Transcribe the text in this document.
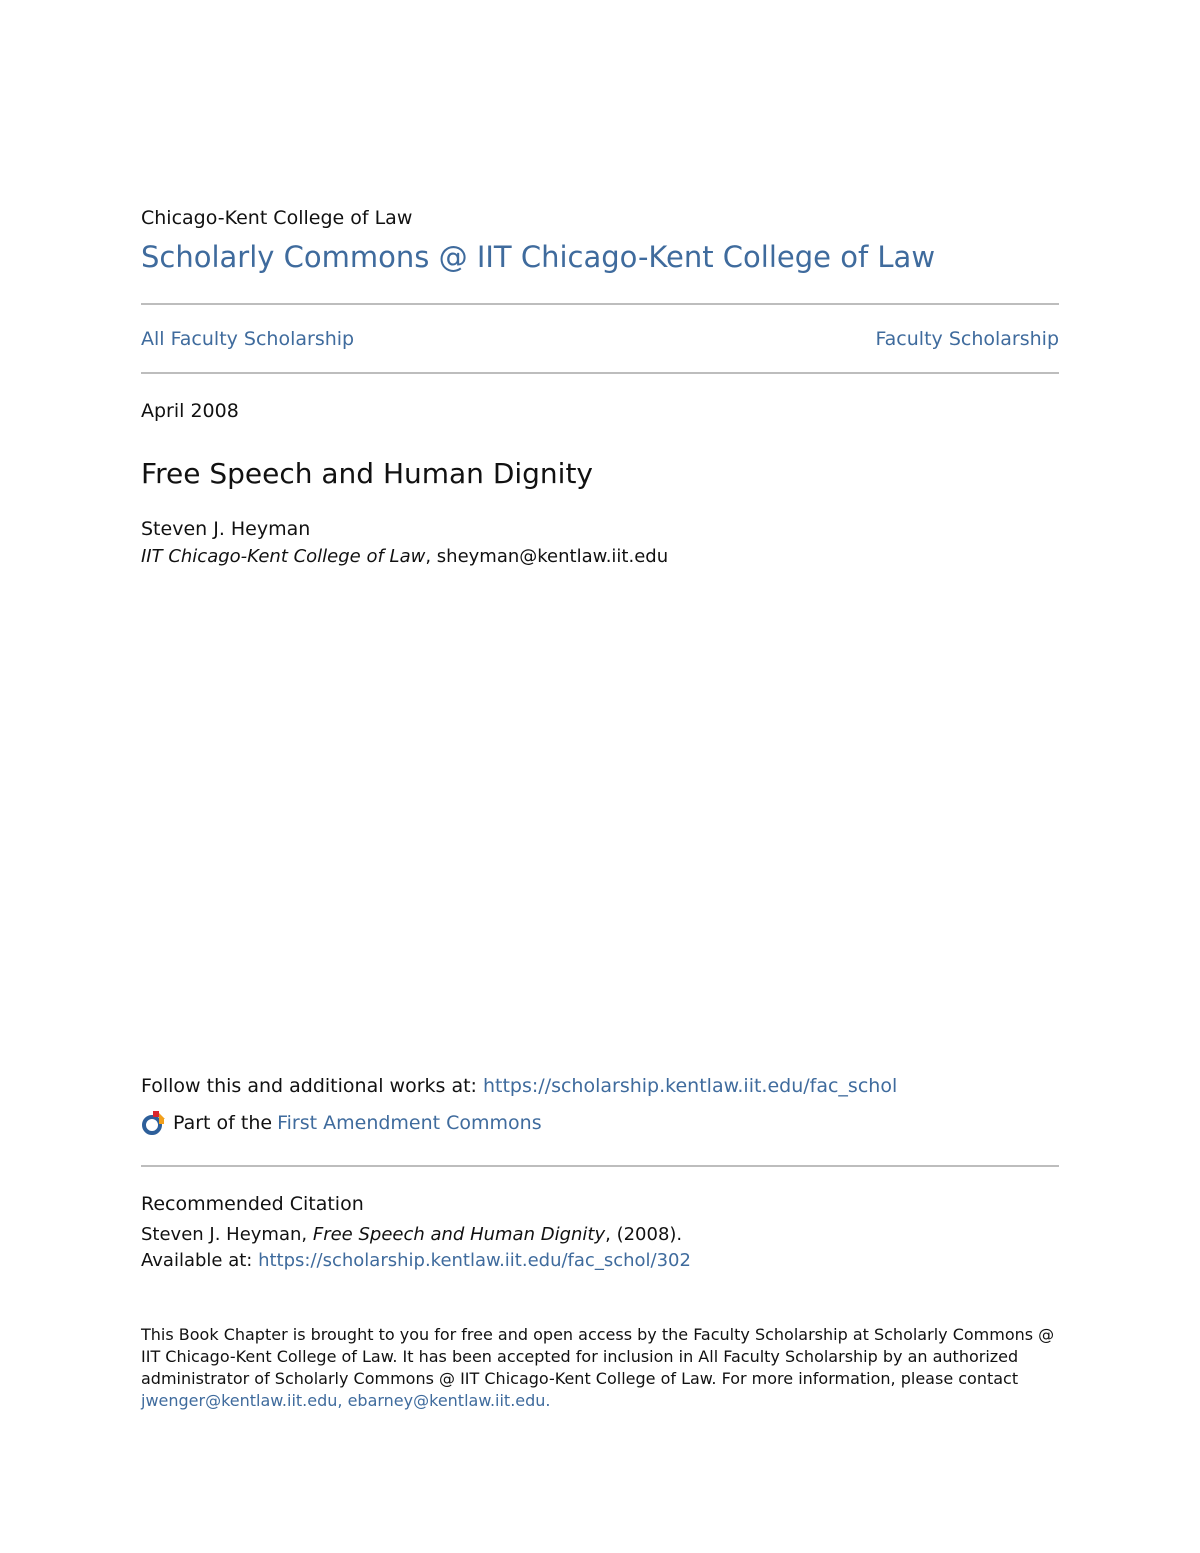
Chicago-Kent College of Law
Scholarly Commons @ IIT Chicago-Kent College of Law
All Faculty Scholarship	Faculty Scholarship
April 2008
Free Speech and Human Dignity
Steven J. Heyman
IIT Chicago-Kent College of Law, sheyman@kentlaw.iit.edu
Follow this and additional works at: https://scholarship.kentlaw.iit.edu/fac_schol
Part of the First Amendment Commons
Recommended Citation
Steven J. Heyman, Free Speech and Human Dignity, (2008).
Available at: https://scholarship.kentlaw.iit.edu/fac_schol/302
This Book Chapter is brought to you for free and open access by the Faculty Scholarship at Scholarly Commons @ IIT Chicago-Kent College of Law. It has been accepted for inclusion in All Faculty Scholarship by an authorized administrator of Scholarly Commons @ IIT Chicago-Kent College of Law. For more information, please contact jwenger@kentlaw.iit.edu, ebarney@kentlaw.iit.edu.
